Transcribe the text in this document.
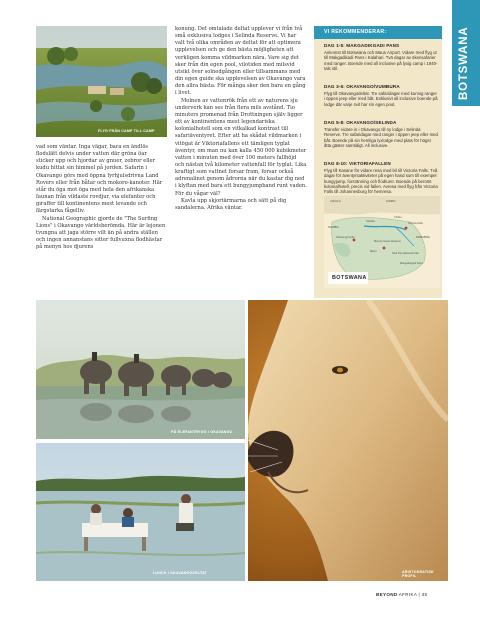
BOTSWANA
FLYG FRÅN CAMP TILL CAMP

vad som väntar. Inga vägar, bara en ändlös flodslätt delvis under vatten där gröna öar sticker upp och hjordar av gnuer, zebror eller kudu hittat sin himmel på jorden. Safarin i Okavango görs med öppna fyrhjulsdrivna Land Rovers eller från båtar och mokoro-kanoter. Här står du öga mot öga med hela den afrikanska faunan från vildaste rovdjur, via elefanter och giraffer till kontinentens mest levande och färgstarka fågelliv.

National Geographic gjorde de "The Surfing Lions" i Okavango världsberömda. Här är lejonen tvungna att jaga större vilt än på andra ställen och ingen annanstans sitter fullvuxna flodhästar på menyn hos djurens

konung. Det omtalade deltat upplever vi från två små exklusiva lodges i Selinda Reserve. Vi har valt två olika områden av deltat för att optimera upplevelsen och ge den bästa möjligheten att verkligen komma vildmarken nära. Vare sig det sker från din egen pool, vilotiden med milsvid utsikt över solnedgången eller tillsammans med din egen guide ska upplevelsen av Okavango vara den allra bästa. För många sker den bara en gång i livet.

Molnen av vattenrök från ett av naturens sju underverk kan ses från flera mils avstånd. Tio minuters promenad från Drottningen själv ligger ett av kontinentens mest legendariska kolonialhotell som en vitkalkad kontrast till safariäventyret. Efter att ha skådat vildmarken i vitögat är Viktoriafallens ett tämligen tyglat äventyr, om man nu kan kalla 450 000 kubikmeter vatten i minuten med över 100 meters fallhöjd och nästan två kilometer vattenfall för tyglat. Lika kraftigt som vattnet forsar fram, forsar också adrenalinet genom ådrorna när du kastar dig ned i klyftan med bara ett bungyjumpband runt vaden. För du vågar väl?

Kavla upp skjortärmarna och sätt på dig sandalerna. Afrika väntar.

VI REKOMMENDERAR:
DAG 1-5: MAKGADIKGADI PANS
Ankomst till Botswana och Maun Airport. Vidare med flyg ut till Makgadikadi Pans i Kalahari. Tvä dagar av ökensafarier med ranger. Boende med all inclusive på lyxig camp i 1940-tals stil.
DAG 3-5: OKAVANGO/VUMBURA
Flyg till Okavangodeltat. Tre safaridagar med kunnig ranger i öppen jeep eller med båt. Exklusivt all inclusive boende på lodge där varje svit har sin egen pool.
DAG 5-8: OKAVANGO/SELINDA
Transfer vidare in i Okavango till ny lodge i Selinda Reserve. Tre safaridagar med ranger i öppen jeep eller med båt. Boende på sin hemliga lyxlodge med plats för högst åtta gäster samtidigt. All inclusive.
DAG 8-10: VIKTORIAFALLEN
Flyg till Kasane för vidare resa med bil till Victoria Falls. Två dagar för äventyrsaktiviteter på egen hand som till exempel bungyjump, forsränning och flodturer. Boende på berömt kolonialhotell, precis vid fallen. Avresa med flyg från Victoria Falls till Johannesburg för hemresa.
ANGOLA	ZAMBIA
NAMIBIA
ZIMBABWE
Selinda
Chobe
Victoria Falls
Okavango Delta
Maun
Moremi Game Reserve
Nxai Pan National Park
Makgadikgadi Pans
BOTSWANA
PÅ ELEFANTRYGG I OKAVANGO
LUNCH I OKAVANGODELTAT	ARISTOKRATISK PROFIL
BEYOND AFRIKA | 35
